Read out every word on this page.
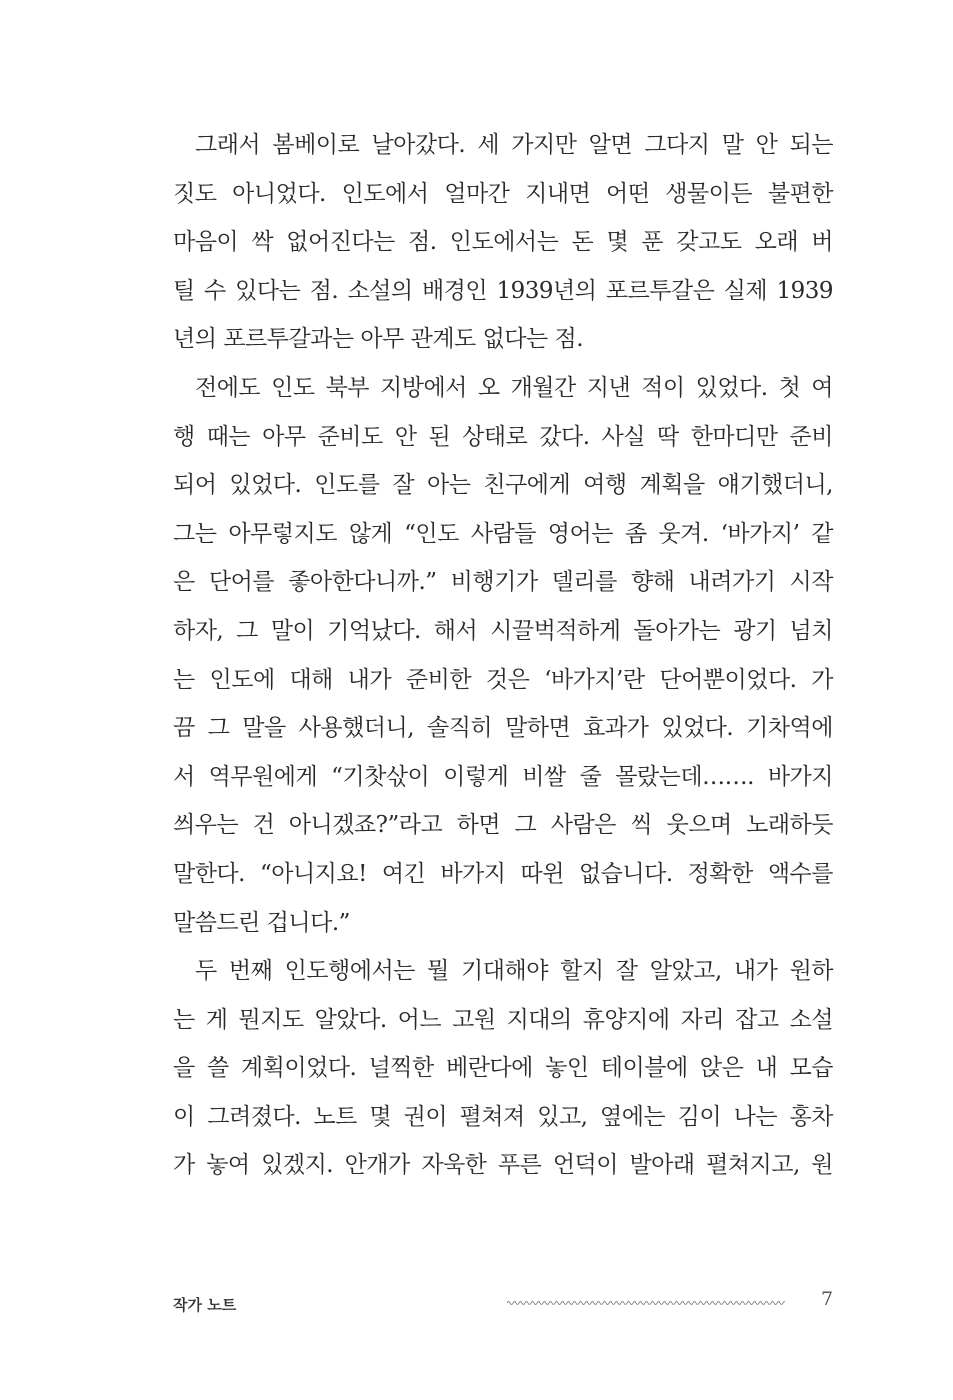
그래서 봄베이로 날아갔다. 세 가지만 알면 그다지 말 안 되는
짓도 아니었다. 인도에서 얼마간 지내면 어떤 생물이든 불편한
마음이 싹 없어진다는 점. 인도에서는 돈 몇 푼 갖고도 오래 버
틸 수 있다는 점. 소설의 배경인 1939년의 포르투갈은 실제 1939
년의 포르투갈과는 아무 관계도 없다는 점.
전에도 인도 북부 지방에서 오 개월간 지낸 적이 있었다. 첫 여
행 때는 아무 준비도 안 된 상태로 갔다. 사실 딱 한마디만 준비
되어 있었다. 인도를 잘 아는 친구에게 여행 계획을 얘기했더니,
그는 아무렇지도 않게 “인도 사람들 영어는 좀 웃겨. ‘바가지’ 같
은 단어를 좋아한다니까.” 비행기가 델리를 향해 내려가기 시작
하자, 그 말이 기억났다. 해서 시끌벅적하게 돌아가는 광기 넘치
는 인도에 대해 내가 준비한 것은 ‘바가지’란 단어뿐이었다. 가
끔 그 말을 사용했더니, 솔직히 말하면 효과가 있었다. 기차역에
서 역무원에게 “기찻삯이 이렇게 비쌀 줄 몰랐는데……. 바가지
씌우는 건 아니겠죠?”라고 하면 그 사람은 씩 웃으며 노래하듯
말한다. “아니지요! 여긴 바가지 따윈 없습니다. 정확한 액수를
말씀드린 겁니다.”
두 번째 인도행에서는 뭘 기대해야 할지 잘 알았고, 내가 원하
는 게 뭔지도 알았다. 어느 고원 지대의 휴양지에 자리 잡고 소설
을 쓸 계획이었다. 널찍한 베란다에 놓인 테이블에 앉은 내 모습
이 그려졌다. 노트 몇 권이 펼쳐져 있고, 옆에는 김이 나는 홍차
가 놓여 있겠지. 안개가 자욱한 푸른 언덕이 발아래 펼쳐지고, 원
작가 노트	7
